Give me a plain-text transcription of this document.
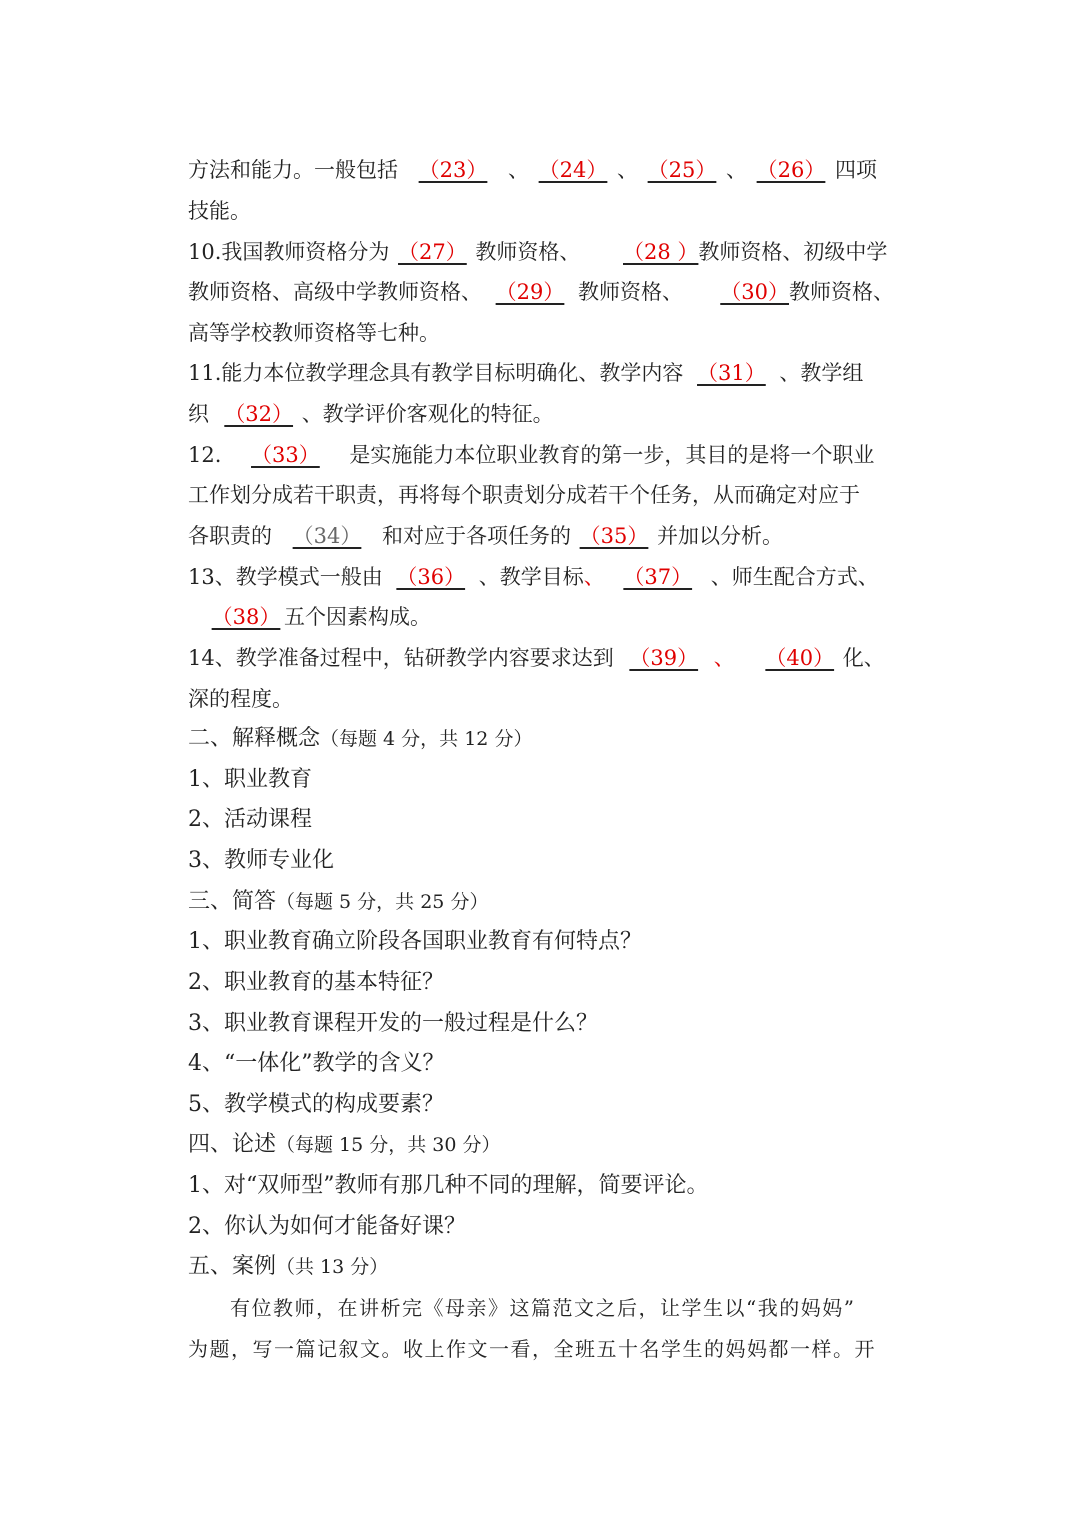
方法和能力。一般包括 （23） 、 （24） 、 （25） 、 （26） 四项
技能。
10.我国教师资格分为 （27） 教师资格、 （28 ）教师资格、初级中学
教师资格、高级中学教师资格、 （29） 教师资格、 （30）教师资格、
高等学校教师资格等七种。
11.能力本位教学理念具有教学目标明确化、教学内容 （31） 、教学组
织 （32） 、教学评价客观化的特征。
12. （33） 是实施能力本位职业教育的第一步，其目的是将一个职业
工作划分成若干职责，再将每个职责划分成若干个任务，从而确定对应于
各职责的 （34） 和对应于各项任务的 （35） 并加以分析。
13、教学模式一般由 （36） 、教学目标、 （37） 、师生配合方式、
（38） 五个因素构成。
14、教学准备过程中，钻研教学内容要求达到 （39） 、 （40） 化、
深的程度。
二、解释概念（每题 4 分，共 12 分）
1、职业教育
2、活动课程
3、教师专业化
三、简答（每题 5 分，共 25 分）
1、职业教育确立阶段各国职业教育有何特点？
2、职业教育的基本特征？
3、职业教育课程开发的一般过程是什么？
4、“一体化”教学的含义？
5、教学模式的构成要素？
四、论述（每题 15 分，共 30 分）
1、对“双师型”教师有那几种不同的理解，简要评论。
2、你认为如何才能备好课？
五、案例（共 13 分）
有位教师，在讲析完《母亲》这篇范文之后，让学生以“我的妈妈”
为题，写一篇记叙文。收上作文一看，全班五十名学生的妈妈都一样。开
